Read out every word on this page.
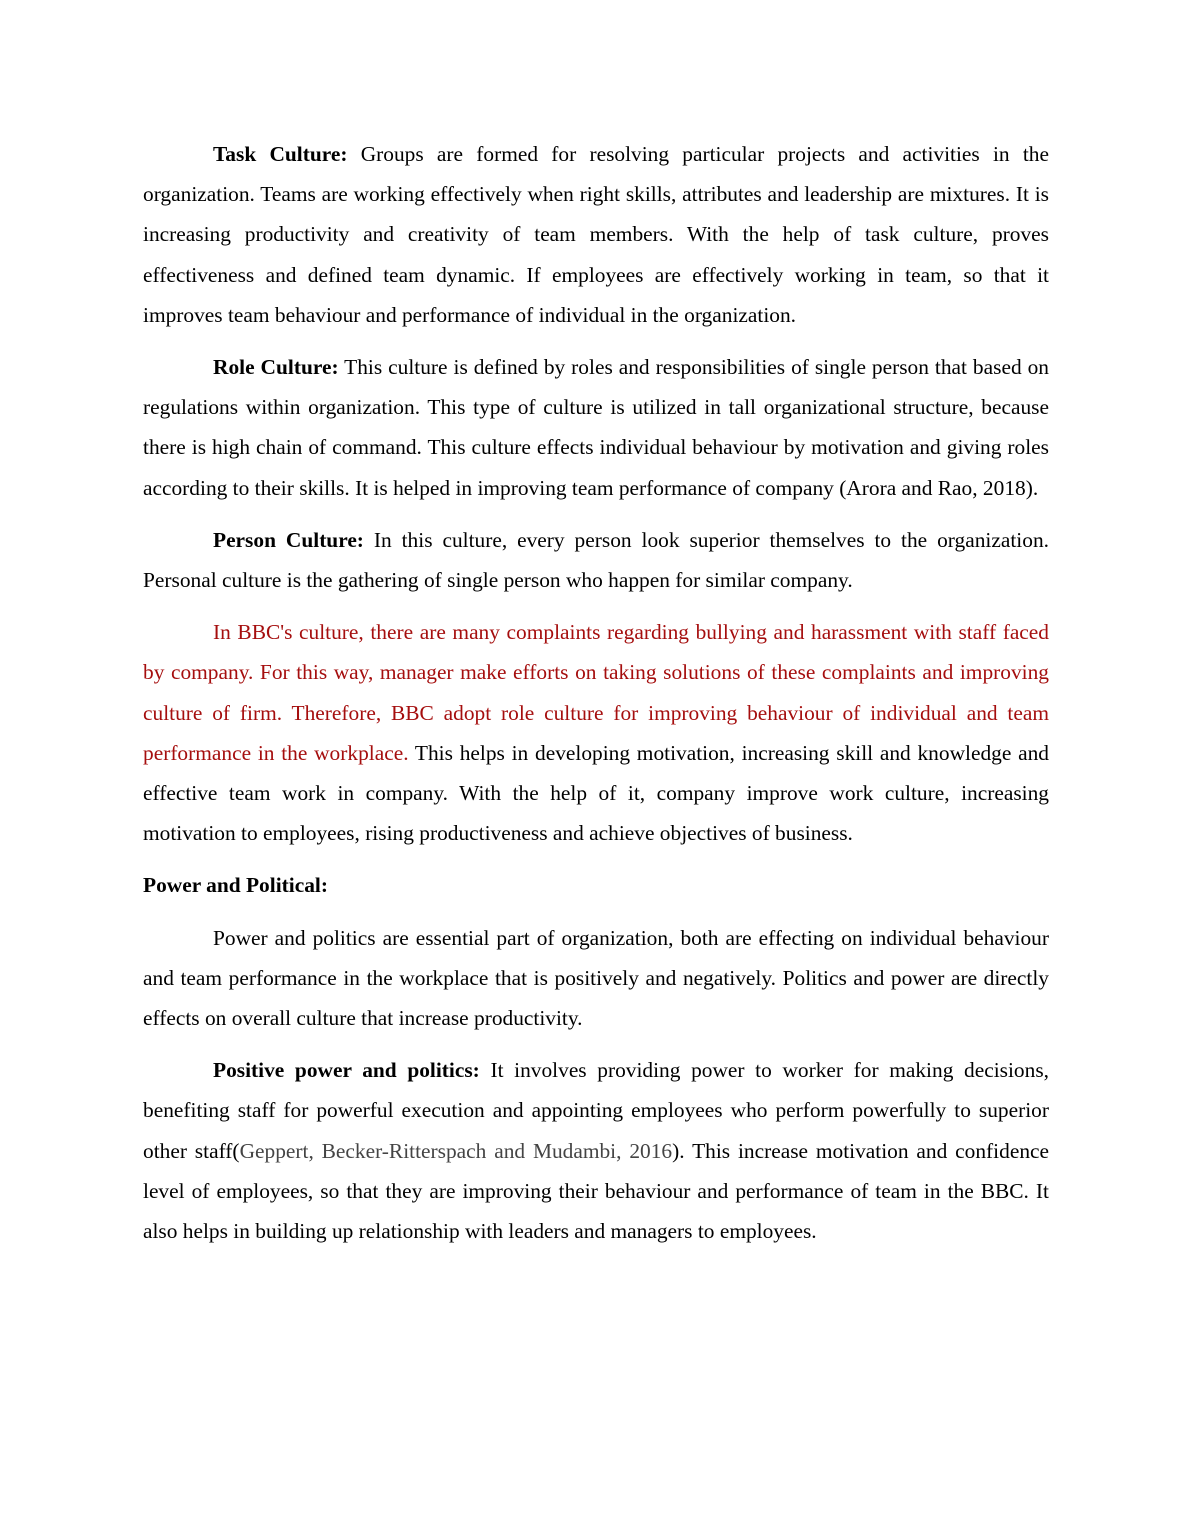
Task Culture: Groups are formed for resolving particular projects and activities in the organization. Teams are working effectively when right skills, attributes and leadership are mixtures. It is increasing productivity and creativity of team members. With the help of task culture, proves effectiveness and defined team dynamic. If employees are effectively working in team, so that it improves team behaviour and performance of individual in the organization.

Role Culture: This culture is defined by roles and responsibilities of single person that based on regulations within organization. This type of culture is utilized in tall organizational structure, because there is high chain of command. This culture effects individual behaviour by motivation and giving roles according to their skills. It is helped in improving team performance of company (Arora and Rao, 2018).

Person Culture: In this culture, every person look superior themselves to the organization. Personal culture is the gathering of single person who happen for similar company.

In BBC's culture, there are many complaints regarding bullying and harassment with staff faced by company. For this way, manager make efforts on taking solutions of these complaints and improving culture of firm. Therefore, BBC adopt role culture for improving behaviour of individual and team performance in the workplace. This helps in developing motivation, increasing skill and knowledge and effective team work in company. With the help of it, company improve work culture, increasing motivation to employees, rising productiveness and achieve objectives of business.

Power and Political:

Power and politics are essential part of organization, both are effecting on individual behaviour and team performance in the workplace that is positively and negatively. Politics and power are directly effects on overall culture that increase productivity.

Positive power and politics: It involves providing power to worker for making decisions, benefiting staff for powerful execution and appointing employees who perform powerfully to superior other staff(Geppert, Becker-Ritterspach and Mudambi, 2016). This increase motivation and confidence level of employees, so that they are improving their behaviour and performance of team in the BBC. It also helps in building up relationship with leaders and managers to employees.
